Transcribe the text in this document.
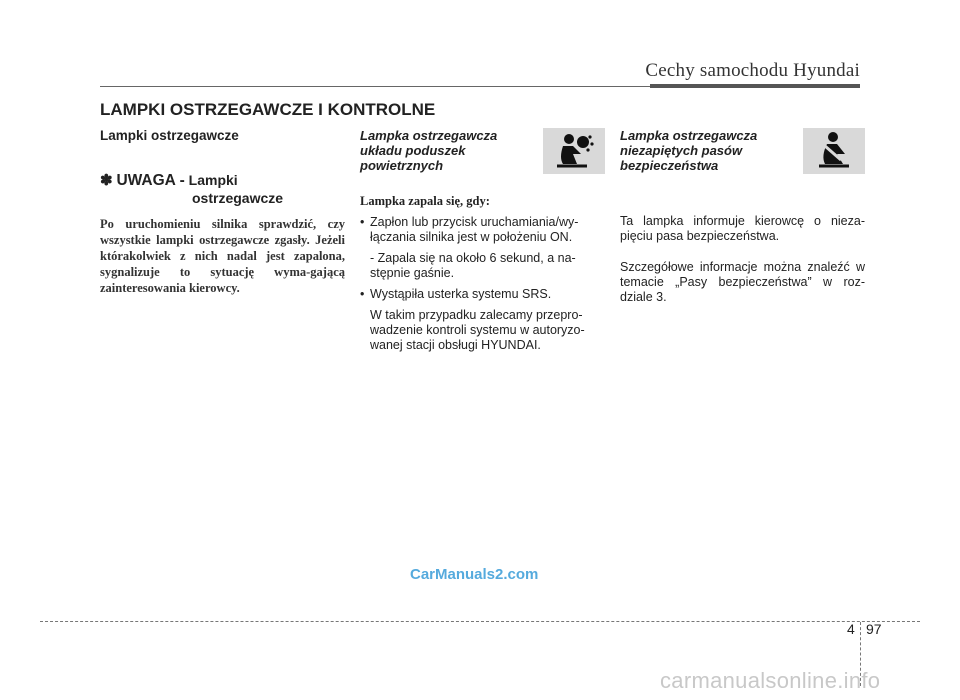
Cechy samochodu Hyundai
LAMPKI OSTRZEGAWCZE I KONTROLNE

Lampki ostrzegawcze

✽ UWAGA - Lampki
ostrzegawcze
Po uruchomieniu silnika sprawdzić, czy wszystkie lampki ostrzegawcze zgasły. Jeżeli którakolwiek z nich nadal jest zapalona, sygnalizuje to sytuację wyma-gającą zainteresowania kierowcy.
Lampka ostrzegawcza układu poduszek powietrznych
Lampka zapala się, gdy:
• Zapłon lub przycisk uruchamiania/wy-łączania silnika jest w położeniu ON.
- Zapala się na około 6 sekund, a na-stępnie gaśnie.
• Wystąpiła usterka systemu SRS.
W takim przypadku zalecamy przepro-wadzenie kontroli systemu w autoryzo-wanej stacji obsługi HYUNDAI.
Lampka ostrzegawcza niezapiętych pasów bezpieczeństwa
Ta lampka informuje kierowcę o nieza-pięciu pasa bezpieczeństwa.
Szczegółowe informacje można znaleźć w temacie „Pasy bezpieczeństwa” w roz-dziale 3.
CarManuals2.com
4 97
carmanualsonline.info
